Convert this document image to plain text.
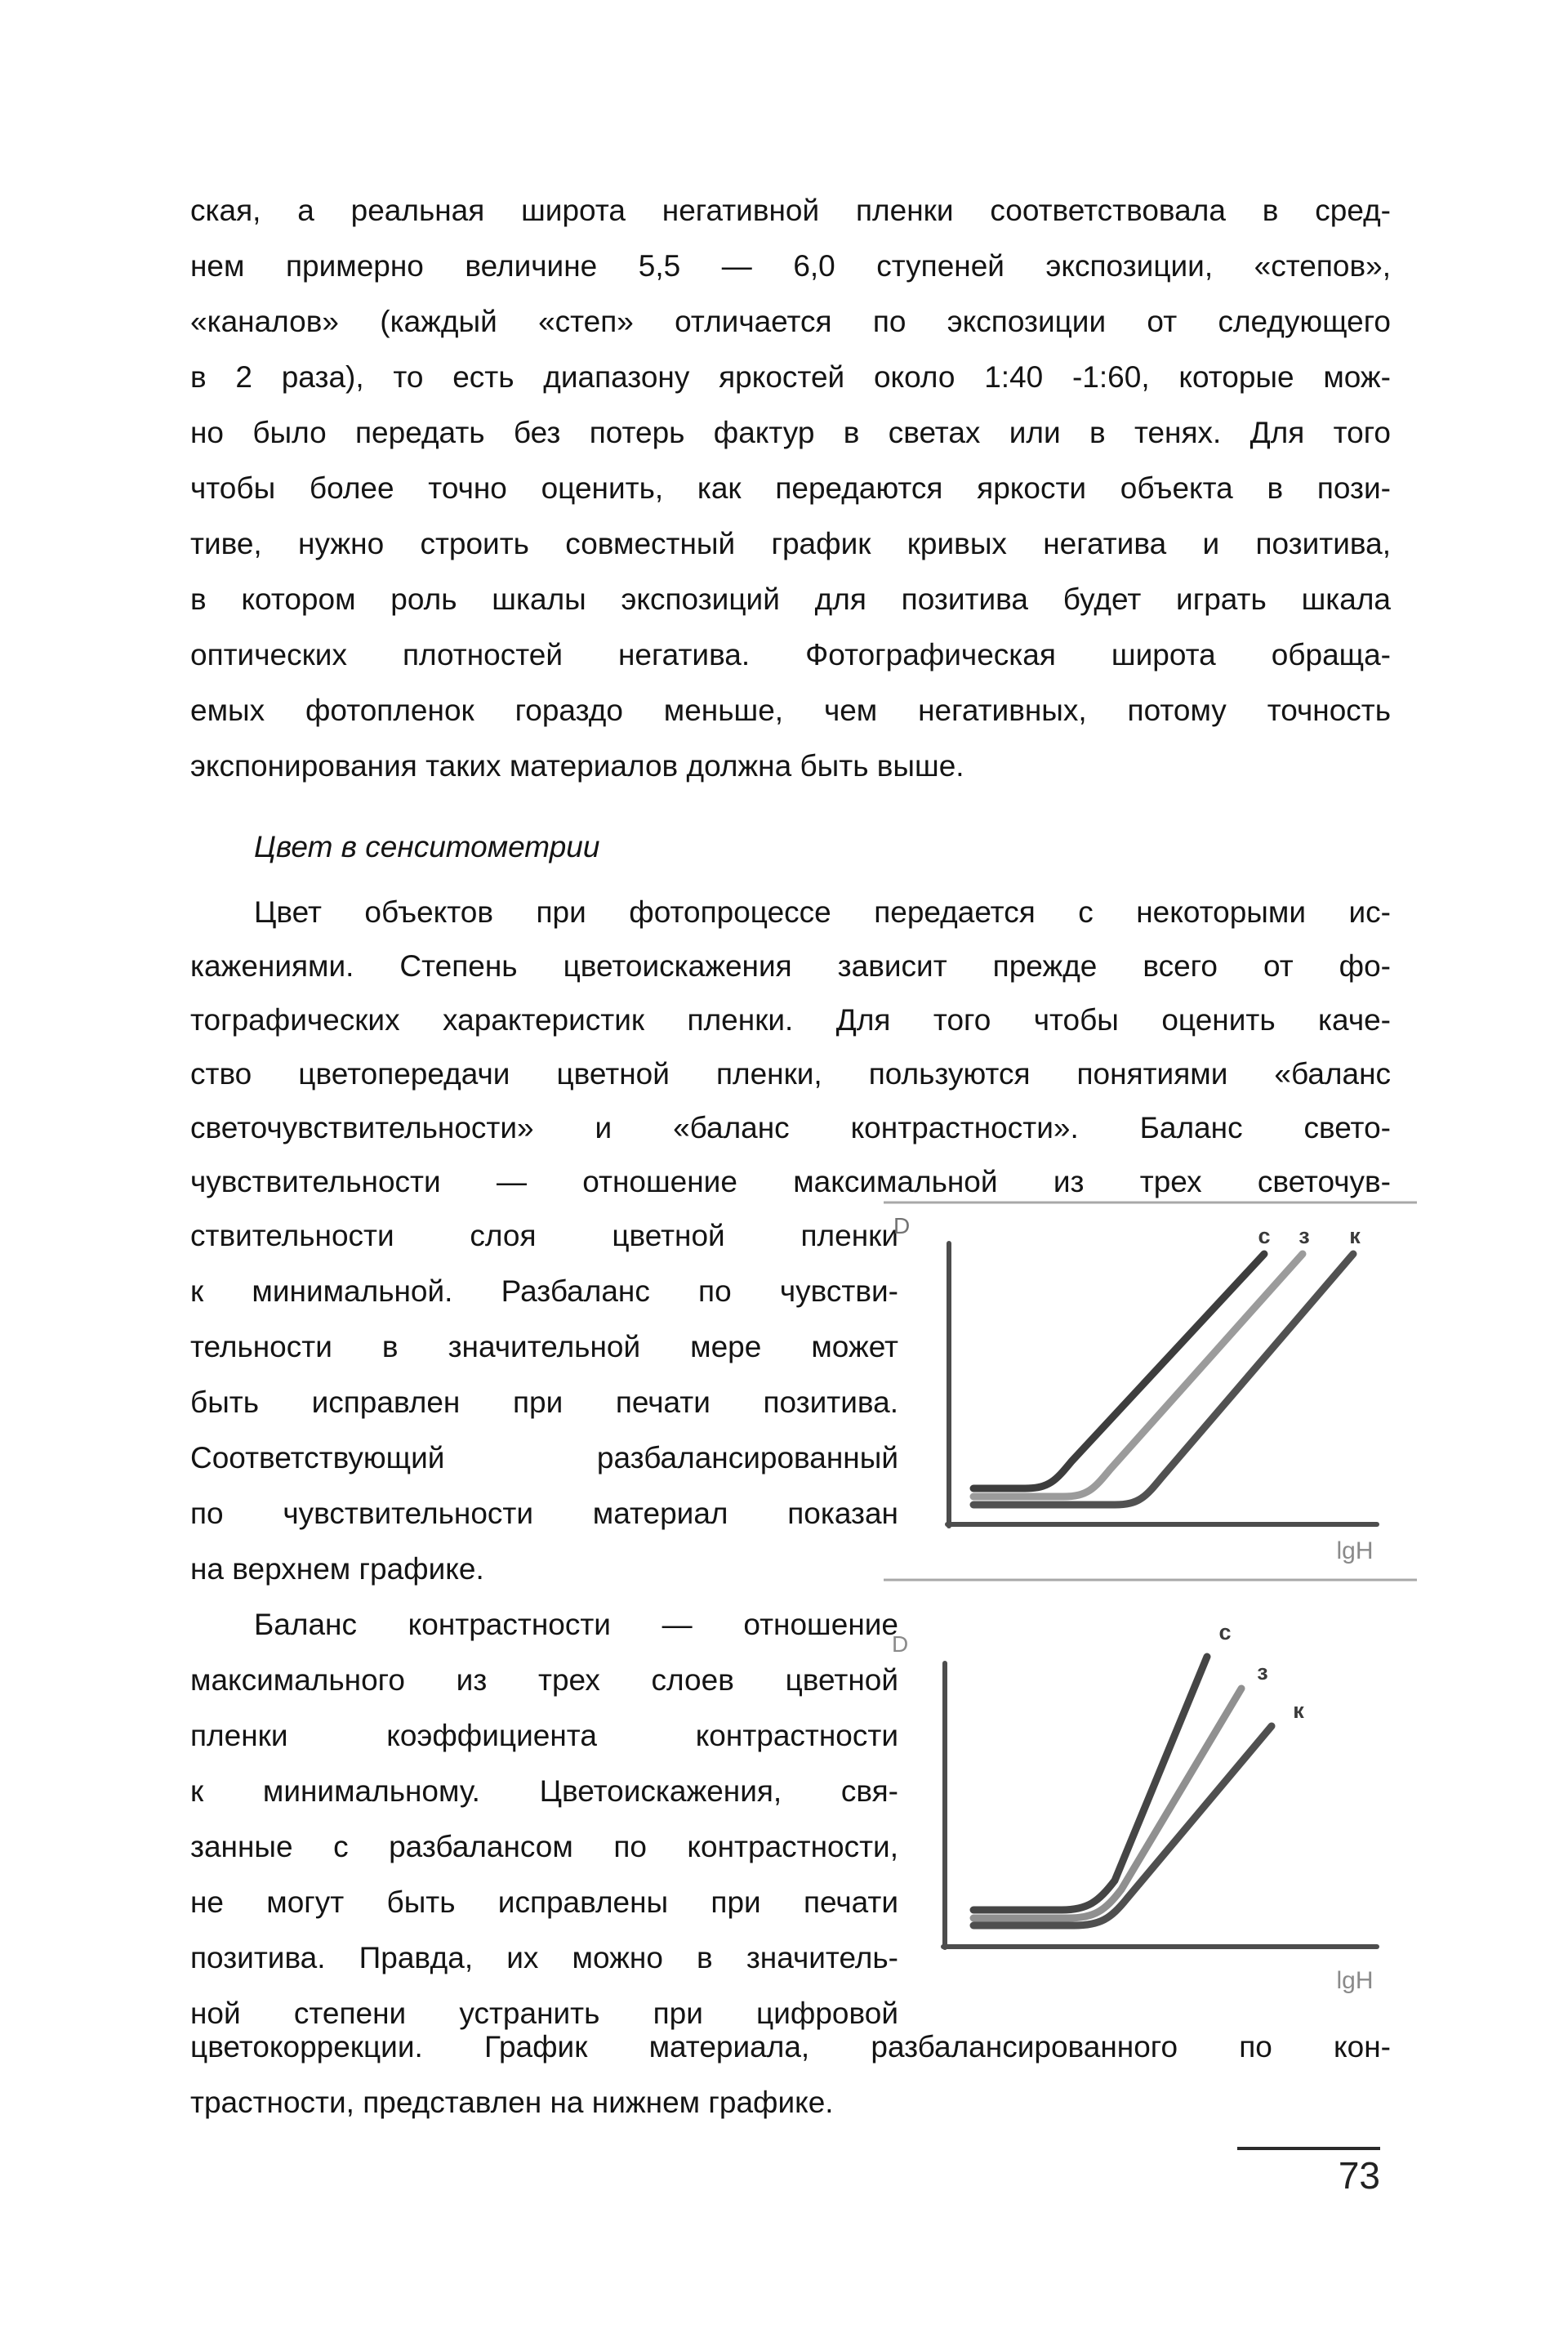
ская, а реальная широта негативной пленки соответствовала в сред-
нем примерно величине 5,5 — 6,0 ступеней экспозиции, «степов»,
«каналов» (каждый «степ» отличается по экспозиции от следующего
в 2 раза), то есть диапазону яркостей около 1:40 -1:60, которые мож-
но было передать без потерь фактур в светах или в тенях. Для того
чтобы более точно оценить, как передаются яркости объекта в пози-
тиве, нужно строить совместный график кривых негатива и позитива,
в котором роль шкалы экспозиций для позитива будет играть шкала
оптических плотностей негатива. Фотографическая широта обраща-
емых фотопленок гораздо меньше, чем негативных, потому точность
экспонирования таких материалов должна быть выше.
Цвет в сенситометрии
Цвет объектов при фотопроцессе передается с некоторыми ис-
кажениями. Степень цветоискажения зависит прежде всего от фо-
тографических характеристик пленки. Для того чтобы оценить каче-
ство цветопередачи цветной пленки, пользуются понятиями «баланс
светочувствительности» и «баланс контрастности». Баланс свето-
чувствительности — отношение максимальной из трех светочув-
ствительности слоя цветной пленки
к минимальной. Разбаланс по чувстви-
тельности в значительной мере может
быть исправлен при печати позитива.
Соответствующий разбалансированный
по чувствительности материал показан
на верхнем графике.
Баланс контрастности — отношение
максимального из трех слоев цветной
пленки коэффициента контрастности
к минимальному. Цветоискажения, свя-
занные с разбалансом по контрастности,
не могут быть исправлены при печати
позитива. Правда, их можно в значитель-
ной степени устранить при цифровой
цветокоррекции. График материала, разбалансированного по кон-
трастности, представлен на нижнем графике.
D	с з к
lgH
D	с
з
к
lgH
73
